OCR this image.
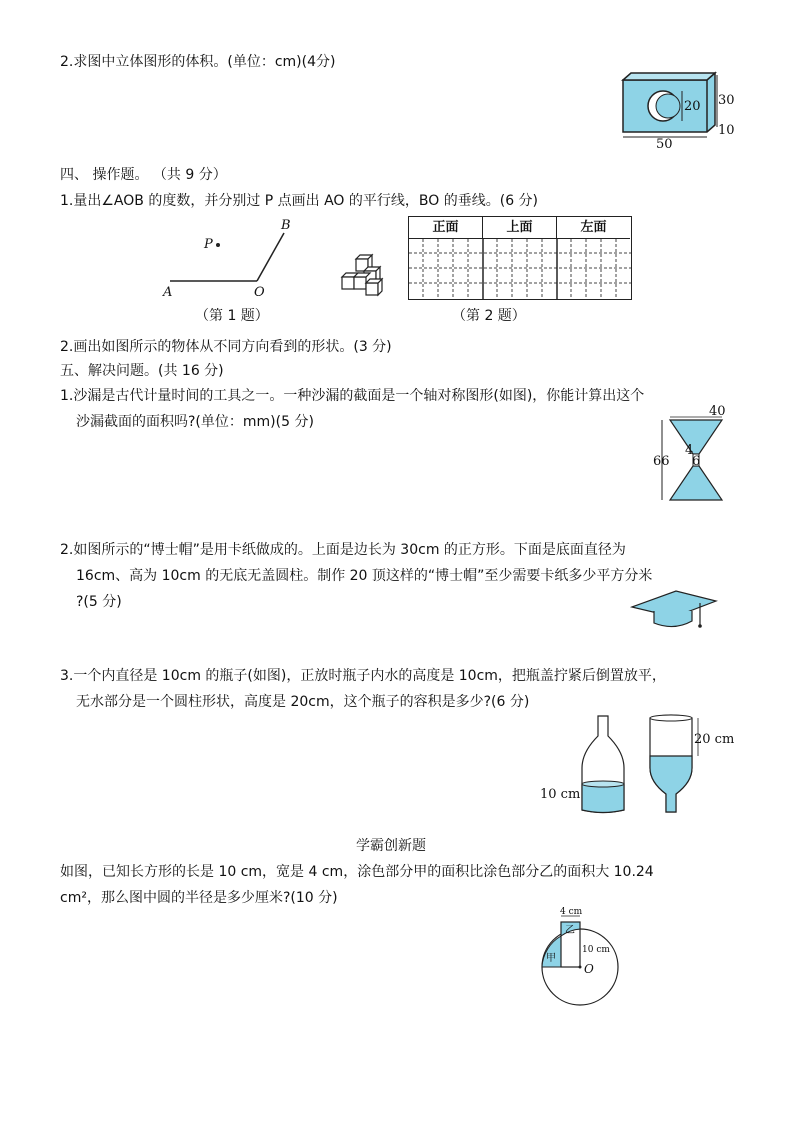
2.求图中立体图形的体积。(单位：cm)(4分)
20 30
10
50
四、 操作题。 （共 9 分）
1.量出∠AOB 的度数，并分别过 P 点画出 AO 的平行线，BO 的垂线。(6 分)
P
A	O
B	正面	上面	左面
（第 1 题）	（第 2 题）
2.画出如图所示的物体从不同方向看到的形状。(3 分)
五、解决问题。(共 16 分)
1.沙漏是古代计量时间的工具之一。一种沙漏的截面是一个轴对称图形(如图)，你能计算出这个
沙漏截面的面积吗?(单位：mm)(5 分)
40
66
4
6
2.如图所示的“博士帽”是用卡纸做成的。上面是边长为 30cm 的正方形。下面是底面直径为
16cm、高为 10cm 的无底无盖圆柱。制作 20 顶这样的“博士帽”至少需要卡纸多少平方分米
?(5 分)
3.一个内直径是 10cm 的瓶子(如图)，正放时瓶子内水的高度是 10cm，把瓶盖拧紧后倒置放平，
无水部分是一个圆柱形状，高度是 20cm，这个瓶子的容积是多少?(6 分)
10 cm
20 cm
学霸创新题
如图，已知长方形的长是 10 cm，宽是 4 cm，涂色部分甲的面积比涂色部分乙的面积大 10.24
cm²，那么图中圆的半径是多少厘米?(10 分)
4 cm
乙
甲
10 cm
O
